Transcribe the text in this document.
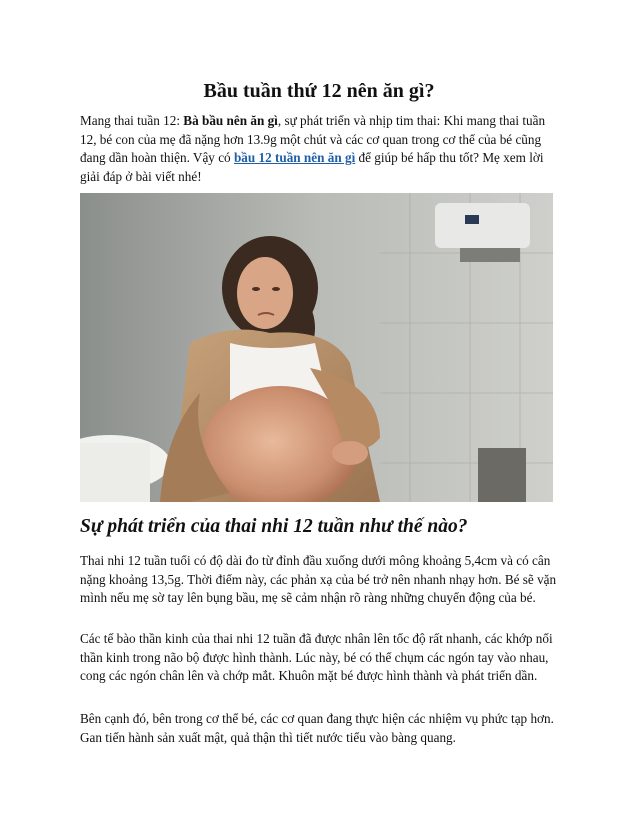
Bầu tuần thứ 12 nên ăn gì?

Mang thai tuần 12: Bà bầu nên ăn gì, sự phát triển và nhịp tim thai: Khi mang thai tuần 12, bé con của mẹ đã nặng hơn 13.9g một chút và các cơ quan trong cơ thể của bé cũng đang dần hoàn thiện. Vậy có bầu 12 tuần nên ăn gì để giúp bé hấp thu tốt? Mẹ xem lời giải đáp ở bài viết nhé!

Sự phát triển của thai nhi 12 tuần như thế nào?

Thai nhi 12 tuần tuổi có độ dài đo từ đỉnh đầu xuống dưới mông khoảng 5,4cm và có cân nặng khoảng 13,5g. Thời điểm này, các phản xạ của bé trở nên nhanh nhạy hơn. Bé sẽ vặn mình nếu mẹ sờ tay lên bụng bầu, mẹ sẽ cảm nhận rõ ràng những chuyển động của bé.

Các tế bào thần kinh của thai nhi 12 tuần đã được nhân lên tốc độ rất nhanh, các khớp nối thần kinh trong não bộ được hình thành. Lúc này, bé có thể chụm các ngón tay vào nhau, cong các ngón chân lên và chớp mắt. Khuôn mặt bé được hình thành và phát triển dần.

Bên cạnh đó, bên trong cơ thể bé, các cơ quan đang thực hiện các nhiệm vụ phức tạp hơn. Gan tiến hành sản xuất mật, quả thận thì tiết nước tiểu vào bàng quang.
